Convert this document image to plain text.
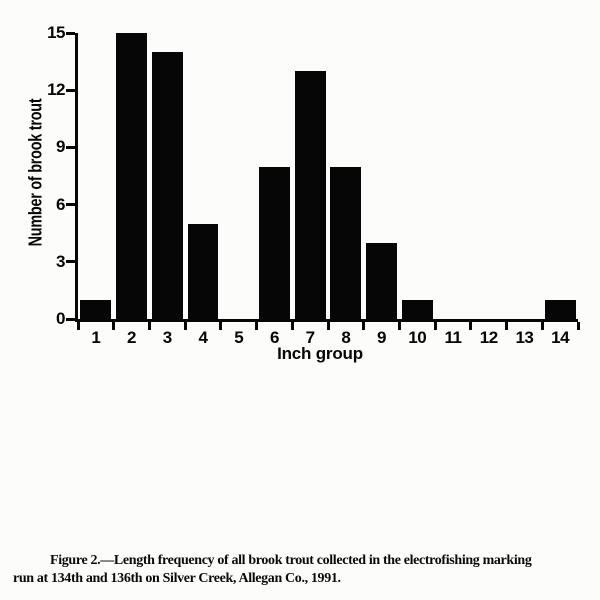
Number of brook trout
0
3
6
9
12
15
1	2	3	4	5	6	7	8	9	10	11	12	13	14
Inch group
Figure 2.—Length frequency of all brook trout collected in the electrofishing marking
run at 134th and 136th on Silver Creek, Allegan Co., 1991.
